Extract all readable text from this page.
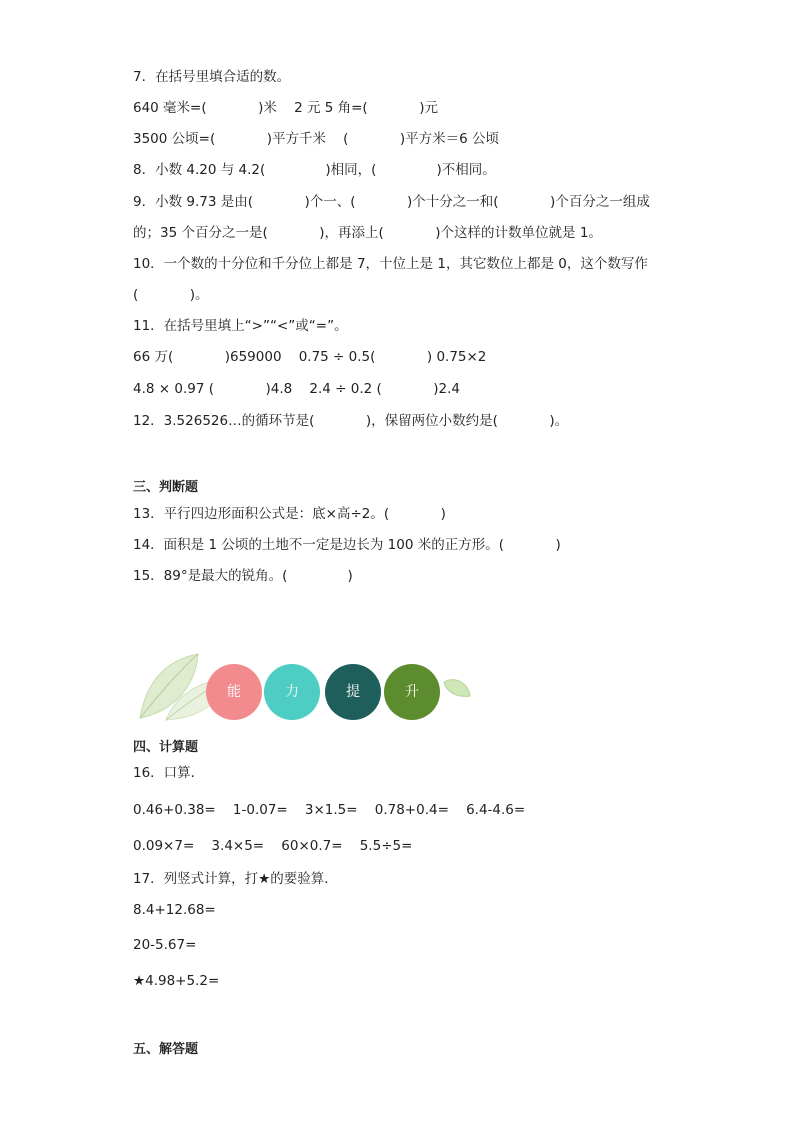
7．在括号里填合适的数。
640 毫米=(            )米    2 元 5 角=(            )元
3500 公顷=(            )平方千米    (            )平方米＝6 公顷
8．小数 4.20 与 4.2(              )相同，(              )不相同。
9．小数 9.73 是由(            )个一、(            )个十分之一和(            )个百分之一组成
的；35 个百分之一是(            )，再添上(            )个这样的计数单位就是 1。
10．一个数的十分位和千分位上都是 7，十位上是 1，其它数位上都是 0，这个数写作
(            )。
11．在括号里填上“>”“<”或“=”。
66 万(            )659000    0.75 ÷ 0.5(            ) 0.75×2
4.8 × 0.97 (            )4.8    2.4 ÷ 0.2 (            )2.4
12．3.526526…的循环节是(            )，保留两位小数约是(            )。
三、判断题
13．平行四边形面积公式是：底×高÷2。(            )
14．面积是 1 公顷的土地不一定是边长为 100 米的正方形。(            )
15．89°是最大的锐角。(              )
能	力	提	升
四、计算题
16．口算．
0.46+0.38=    1-0.07=    3×1.5=    0.78+0.4=    6.4-4.6=
0.09×7=    3.4×5=    60×0.7=    5.5÷5=
17．列竖式计算，打★的要验算．
8.4+12.68=
20-5.67=
★4.98+5.2=
五、解答题
